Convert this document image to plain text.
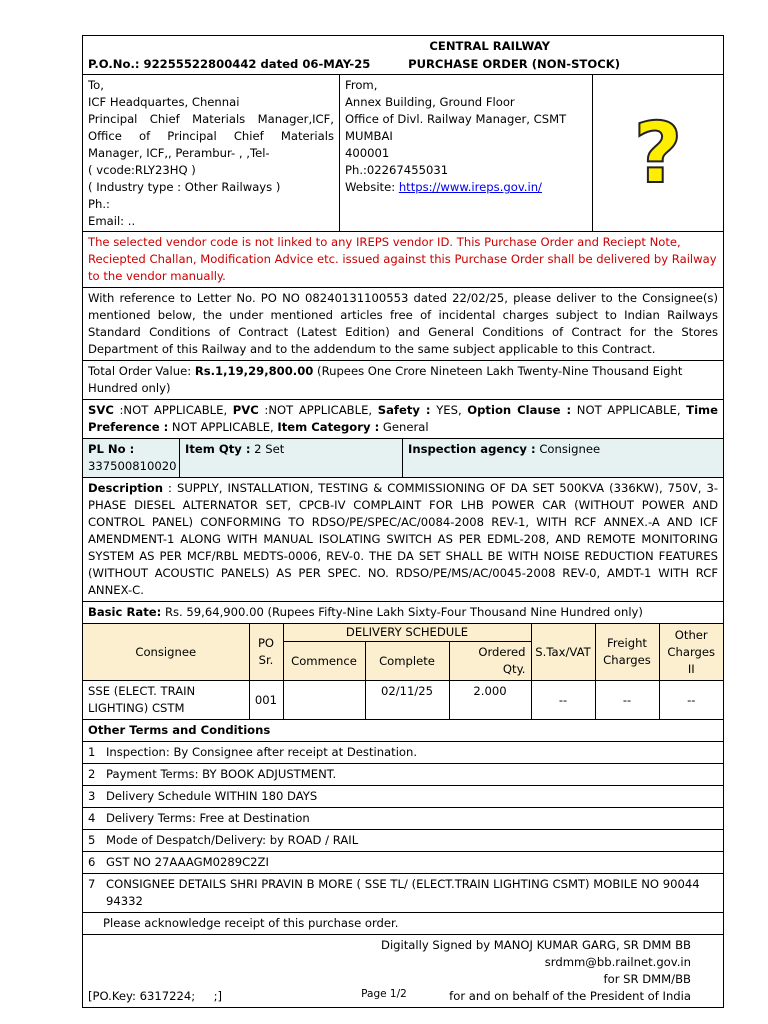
CENTRAL RAILWAY
P.O.No.: 92255522800442 dated 06-MAY-25	PURCHASE ORDER (NON-STOCK)
To,
ICF Headquartes, Chennai
Principal Chief Materials Manager,ICF, Office of Principal Chief Materials Manager, ICF,, Perambur- , ,Tel-
( vcode:RLY23HQ )
( Industry type : Other Railways )
Ph.:
Email: ..
From,
Annex Building, Ground Floor
Office of Divl. Railway Manager, CSMT
MUMBAI
400001
Ph.:02267455031
Website: https://www.ireps.gov.in/	?
The selected vendor code is not linked to any IREPS vendor ID. This Purchase Order and Reciept Note, Reciepted Challan, Modification Advice etc. issued against this Purchase Order shall be delivered by Railway to the vendor manually.
With reference to Letter No. PO NO 08240131100553 dated 22/02/25, please deliver to the Consignee(s) mentioned below, the under mentioned articles free of incidental charges subject to Indian Railways Standard Conditions of Contract (Latest Edition) and General Conditions of Contract for the Stores Department of this Railway and to the addendum to the same subject applicable to this Contract.
Total Order Value: Rs.1,19,29,800.00 (Rupees One Crore Nineteen Lakh Twenty-Nine Thousand Eight Hundred only)
SVC :NOT APPLICABLE, PVC :NOT APPLICABLE, Safety : YES, Option Clause : NOT APPLICABLE, Time Preference : NOT APPLICABLE, Item Category : General
PL No :
337500810020
Item Qty : 2 Set	Inspection agency : Consignee
Description : SUPPLY, INSTALLATION, TESTING & COMMISSIONING OF DA SET 500KVA (336KW), 750V, 3-PHASE DIESEL ALTERNATOR SET, CPCB-IV COMPLAINT FOR LHB POWER CAR (WITHOUT POWER AND CONTROL PANEL) CONFORMING TO RDSO/PE/SPEC/AC/0084-2008 REV-1, WITH RCF ANNEX.-A AND ICF AMENDMENT-1 ALONG WITH MANUAL ISOLATING SWITCH AS PER EDML-208, AND REMOTE MONITORING SYSTEM AS PER MCF/RBL MEDTS-0006, REV-0. THE DA SET SHALL BE WITH NOISE REDUCTION FEATURES (WITHOUT ACOUSTIC PANELS) AS PER SPEC. NO. RDSO/PE/MS/AC/0045-2008 REV-0, AMDT-1 WITH RCF ANNEX-C.
Basic Rate: Rs. 59,64,900.00 (Rupees Fifty-Nine Lakh Sixty-Four Thousand Nine Hundred only)
Consignee	PO Sr.	DELIVERY SCHEDULE			S.Tax/VAT	Freight Charges	Other Charges II
		Commence	Complete	Ordered Qty.			
SSE (ELECT. TRAIN LIGHTING) CSTM	001		02/11/25	2.000	--	--	--
Other Terms and Conditions
1 Inspection: By Consignee after receipt at Destination.
2 Payment Terms: BY BOOK ADJUSTMENT.
3 Delivery Schedule WITHIN 180 DAYS
4 Delivery Terms: Free at Destination
5 Mode of Despatch/Delivery: by ROAD / RAIL
6 GST NO 27AAAGM0289C2ZI
7 CONSIGNEE DETAILS SHRI PRAVIN B MORE ( SSE TL/ (ELECT.TRAIN LIGHTING CSMT) MOBILE NO 90044 94332
Please acknowledge receipt of this purchase order.
Digitally Signed by MANOJ KUMAR GARG, SR DMM BB
srdmm@bb.railnet.gov.in
for SR DMM/BB
for and on behalf of the President of India
[PO.Key: 6317224;     ;]	Page 1/2
